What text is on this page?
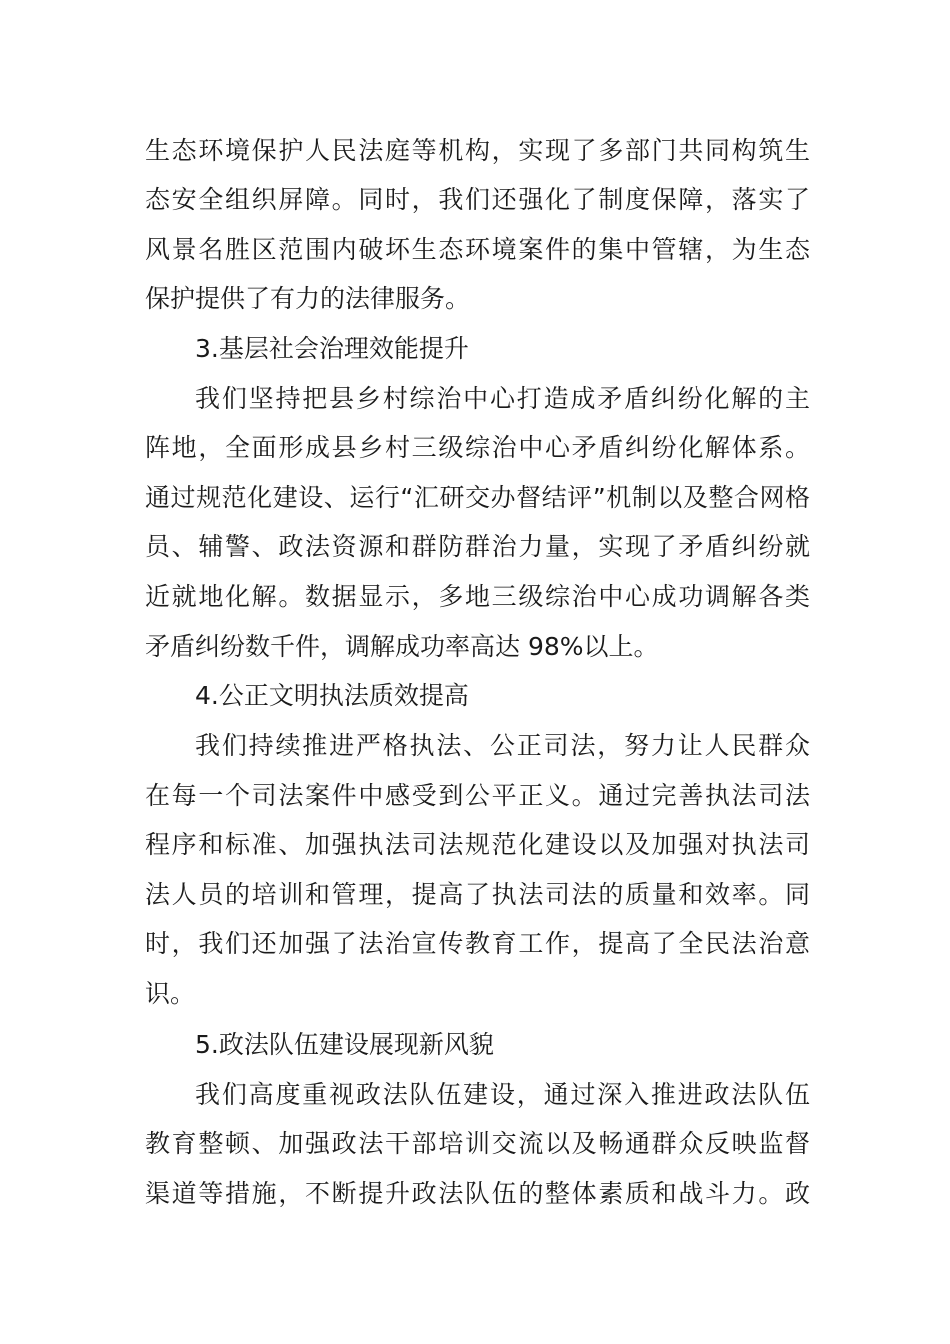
生态环境保护人民法庭等机构，实现了多部门共同构筑生
态安全组织屏障。同时，我们还强化了制度保障，落实了
风景名胜区范围内破坏生态环境案件的集中管辖，为生态
保护提供了有力的法律服务。
3.基层社会治理效能提升
我们坚持把县乡村综治中心打造成矛盾纠纷化解的主
阵地，全面形成县乡村三级综治中心矛盾纠纷化解体系。
通过规范化建设、运行“汇研交办督结评”机制以及整合网格
员、辅警、政法资源和群防群治力量，实现了矛盾纠纷就
近就地化解。数据显示，多地三级综治中心成功调解各类
矛盾纠纷数千件，调解成功率高达 98%以上。
4.公正文明执法质效提高
我们持续推进严格执法、公正司法，努力让人民群众
在每一个司法案件中感受到公平正义。通过完善执法司法
程序和标准、加强执法司法规范化建设以及加强对执法司
法人员的培训和管理，提高了执法司法的质量和效率。同
时，我们还加强了法治宣传教育工作，提高了全民法治意
识。
5.政法队伍建设展现新风貌
我们高度重视政法队伍建设，通过深入推进政法队伍
教育整顿、加强政法干部培训交流以及畅通群众反映监督
渠道等措施，不断提升政法队伍的整体素质和战斗力。政
